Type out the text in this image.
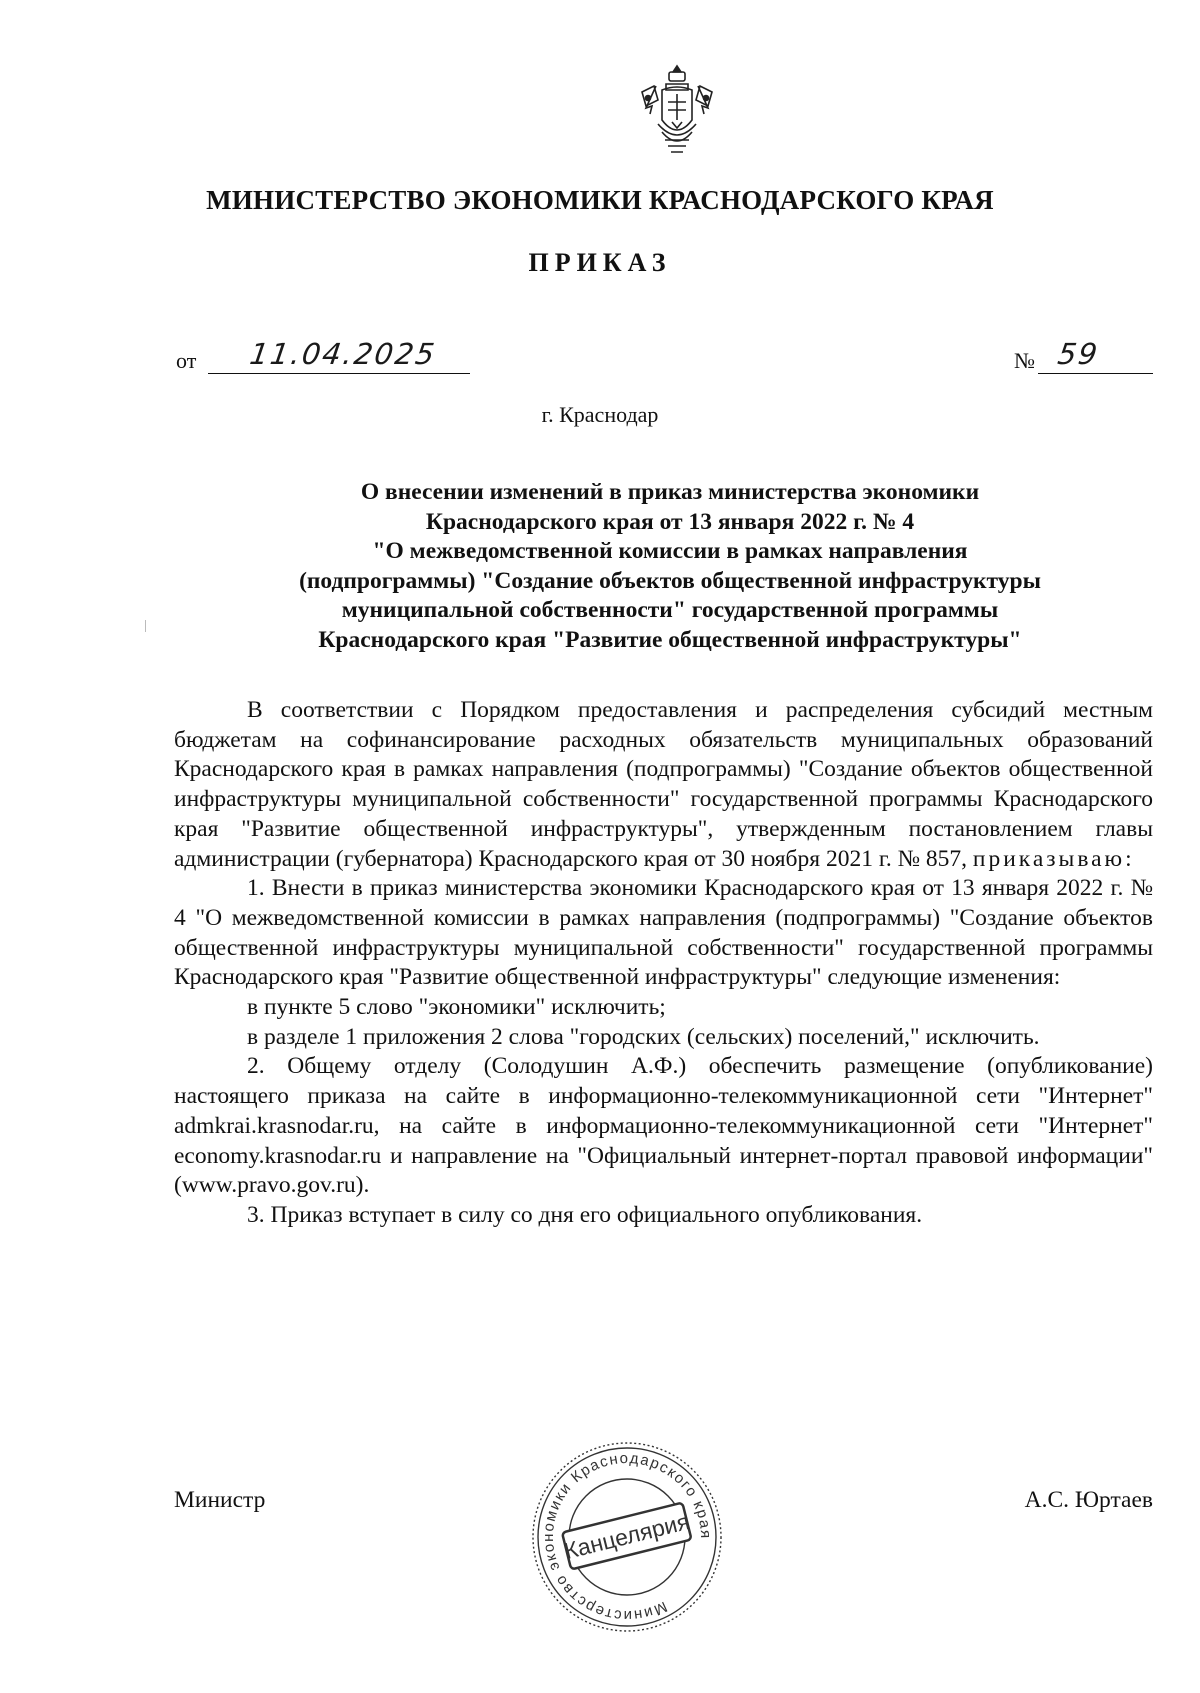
МИНИСТЕРСТВО ЭКОНОМИКИ КРАСНОДАРСКОГО КРАЯ
ПРИКАЗ
от 11.04.2025	№ 59
г. Краснодар
О внесении изменений в приказ министерства экономики
Краснодарского края от 13 января 2022 г. № 4
"О межведомственной комиссии в рамках направления
(подпрограммы) "Создание объектов общественной инфраструктуры
муниципальной собственности" государственной программы
Краснодарского края "Развитие общественной инфраструктуры"

В соответствии с Порядком предоставления и распределения субсидий местным бюджетам на софинансирование расходных обязательств муниципальных образований Краснодарского края в рамках направления (подпрограммы) "Создание объектов общественной инфраструктуры муниципальной собственности" государственной программы Краснодарского края "Развитие общественной инфраструктуры", утвержденным постановлением главы администрации (губернатора) Краснодарского края от 30 ноября 2021 г. № 857, приказываю:

1. Внести в приказ министерства экономики Краснодарского края от 13 января 2022 г. № 4 "О межведомственной комиссии в рамках направления (подпрограммы) "Создание объектов общественной инфраструктуры муниципальной собственности" государственной программы Краснодарского края "Развитие общественной инфраструктуры" следующие изменения:

в пункте 5 слово "экономики" исключить;

в разделе 1 приложения 2 слова "городских (сельских) поселений," исключить.

2. Общему отделу (Солодушин А.Ф.) обеспечить размещение (опубликование) настоящего приказа на сайте в информационно-телекоммуникационной сети "Интернет" admkrai.krasnodar.ru, на сайте в информационно-телекоммуникационной сети "Интернет" economy.krasnodar.ru и направление на "Официальный интернет-портал правовой информации" (www.pravo.gov.ru).

3. Приказ вступает в силу со дня его официального опубликования.

Министр	А.С. Юртаев
Министерство экономики Краснодарского края
Канцелярия
